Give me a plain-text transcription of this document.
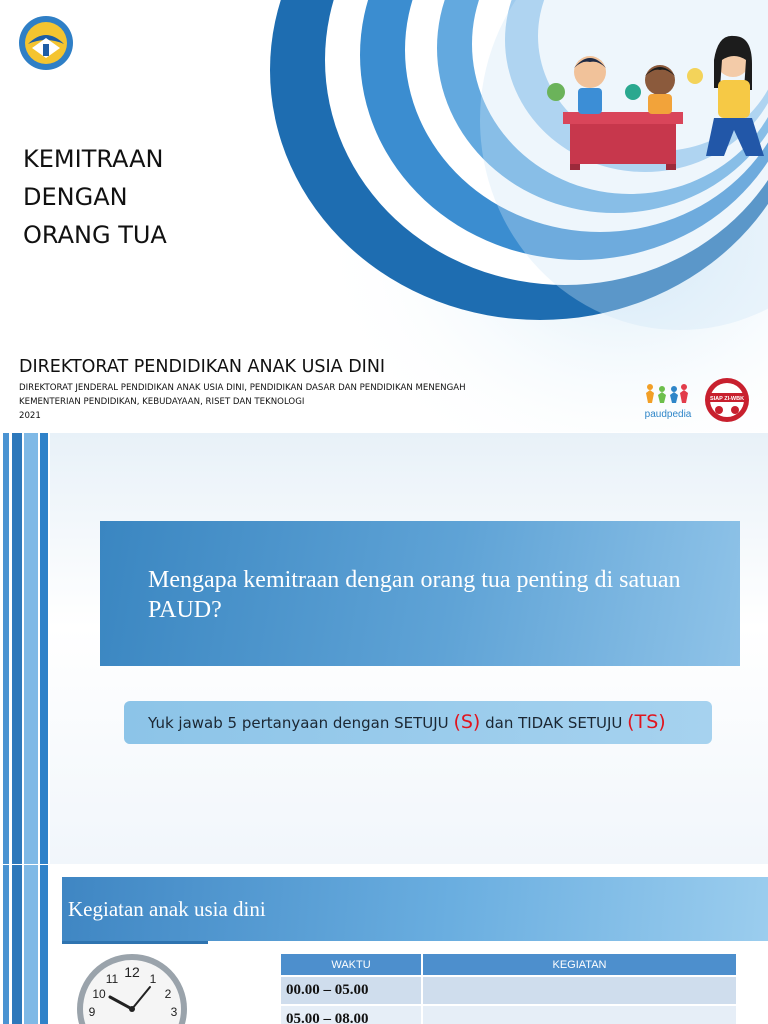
KEMITRAAN
DENGAN
ORANG TUA
DIREKTORAT PENDIDIKAN ANAK USIA DINI
DIREKTORAT JENDERAL PENDIDIKAN ANAK USIA DINI, PENDIDIKAN DASAR DAN PENDIDIKAN MENENGAH
KEMENTERIAN PENDIDIKAN, KEBUDAYAAN, RISET DAN TEKNOLOGI
2021	paudpedia
SIAP ZI-WBK
Mengapa kemitraan dengan orang tua penting di satuan PAUD?
Yuk jawab 5 pertanyaan dengan SETUJU (S) dan TIDAK SETUJU (TS)
Kegiatan anak usia dini
12 1
2
3
9
10
11
WAKTU	KEGIATAN
00.00 – 05.00	
05.00 – 08.00	
